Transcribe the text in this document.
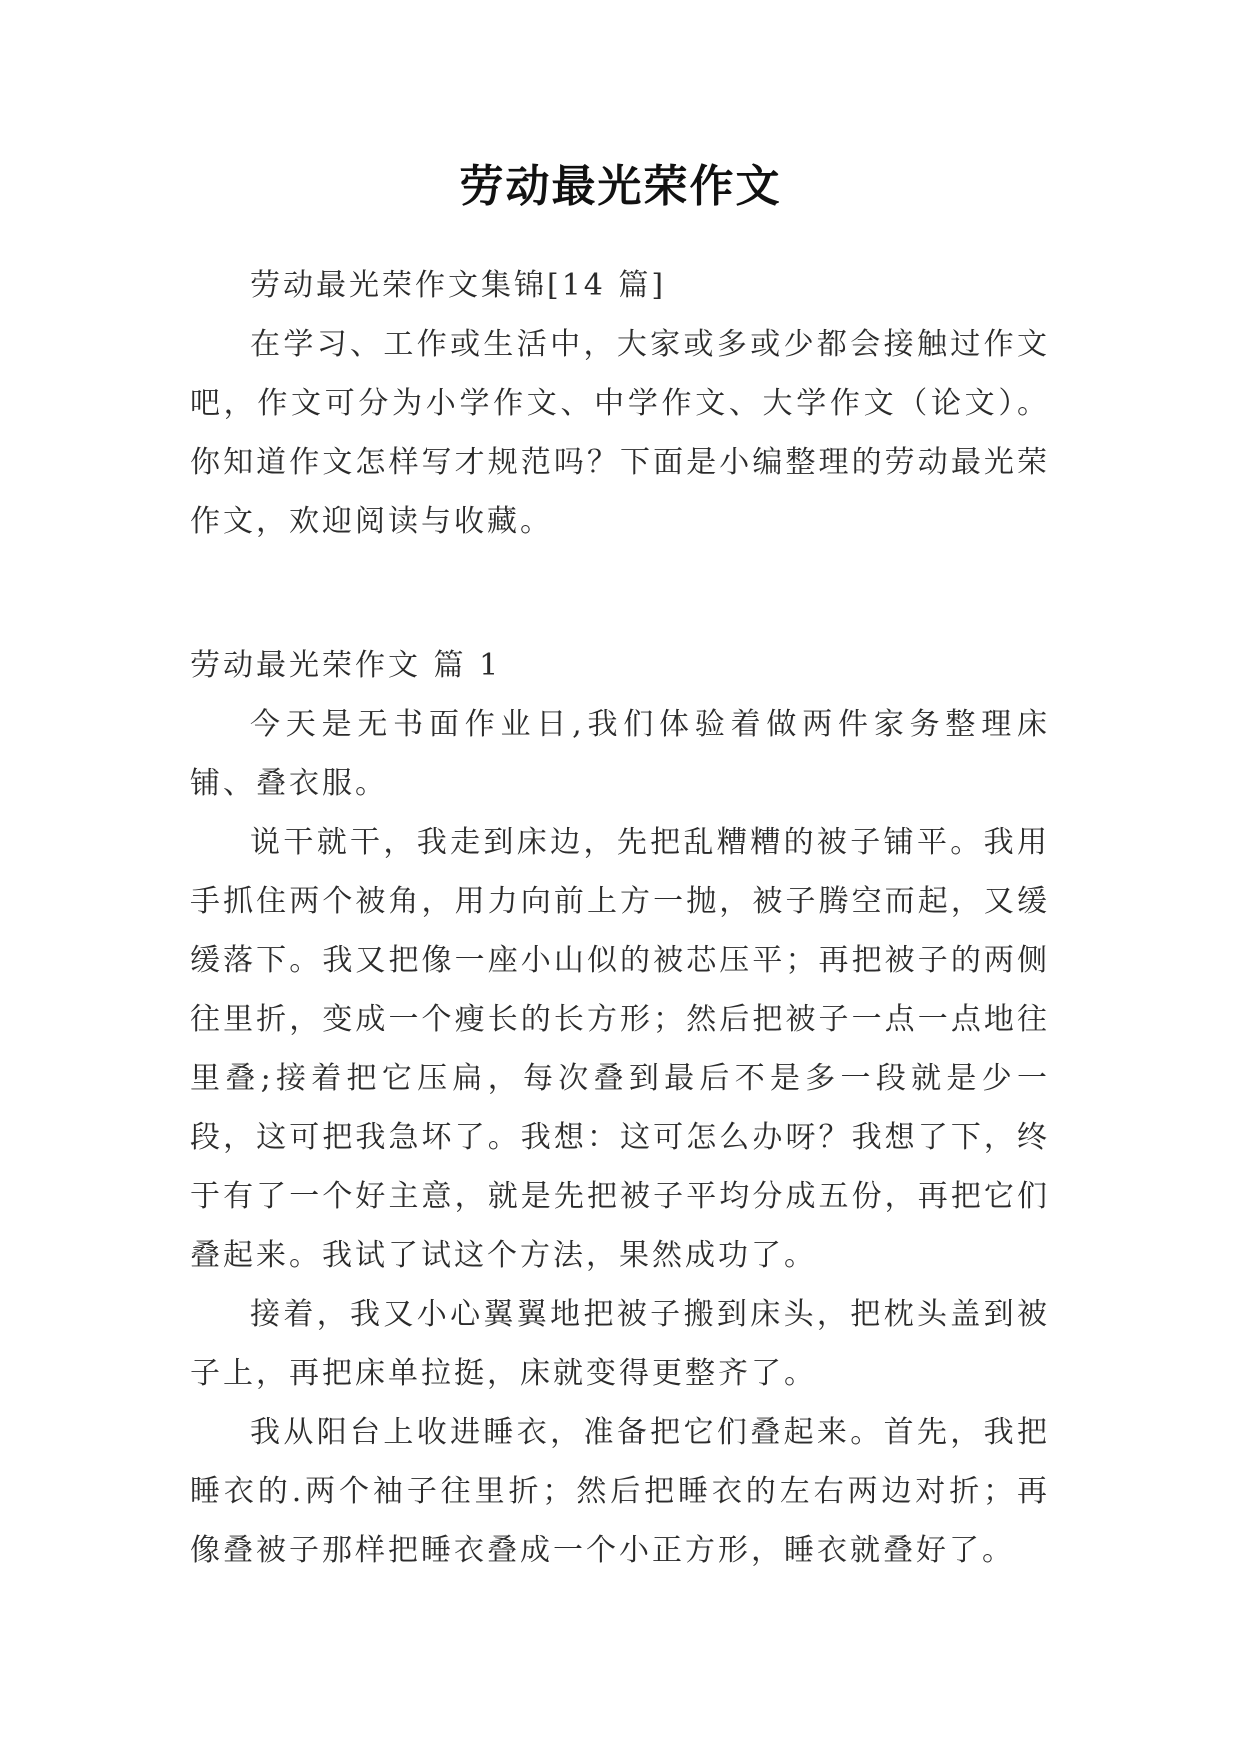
劳动最光荣作文

劳动最光荣作文集锦[14 篇]

在学习、工作或生活中，大家或多或少都会接触过作文吧，作文可分为小学作文、中学作文、大学作文（论文）。你知道作文怎样写才规范吗？下面是小编整理的劳动最光荣作文，欢迎阅读与收藏。

劳动最光荣作文 篇 1

今天是无书面作业日,我们体验着做两件家务整理床铺、叠衣服。

说干就干，我走到床边，先把乱糟糟的被子铺平。我用手抓住两个被角，用力向前上方一抛，被子腾空而起，又缓缓落下。我又把像一座小山似的被芯压平；再把被子的两侧往里折，变成一个瘦长的长方形；然后把被子一点一点地往里叠;接着把它压扁，每次叠到最后不是多一段就是少一段，这可把我急坏了。我想：这可怎么办呀？我想了下，终于有了一个好主意，就是先把被子平均分成五份，再把它们叠起来。我试了试这个方法，果然成功了。

接着，我又小心翼翼地把被子搬到床头，把枕头盖到被子上，再把床单拉挺，床就变得更整齐了。

我从阳台上收进睡衣，准备把它们叠起来。首先，我把睡衣的.两个袖子往里折；然后把睡衣的左右两边对折；再像叠被子那样把睡衣叠成一个小正方形，睡衣就叠好了。
